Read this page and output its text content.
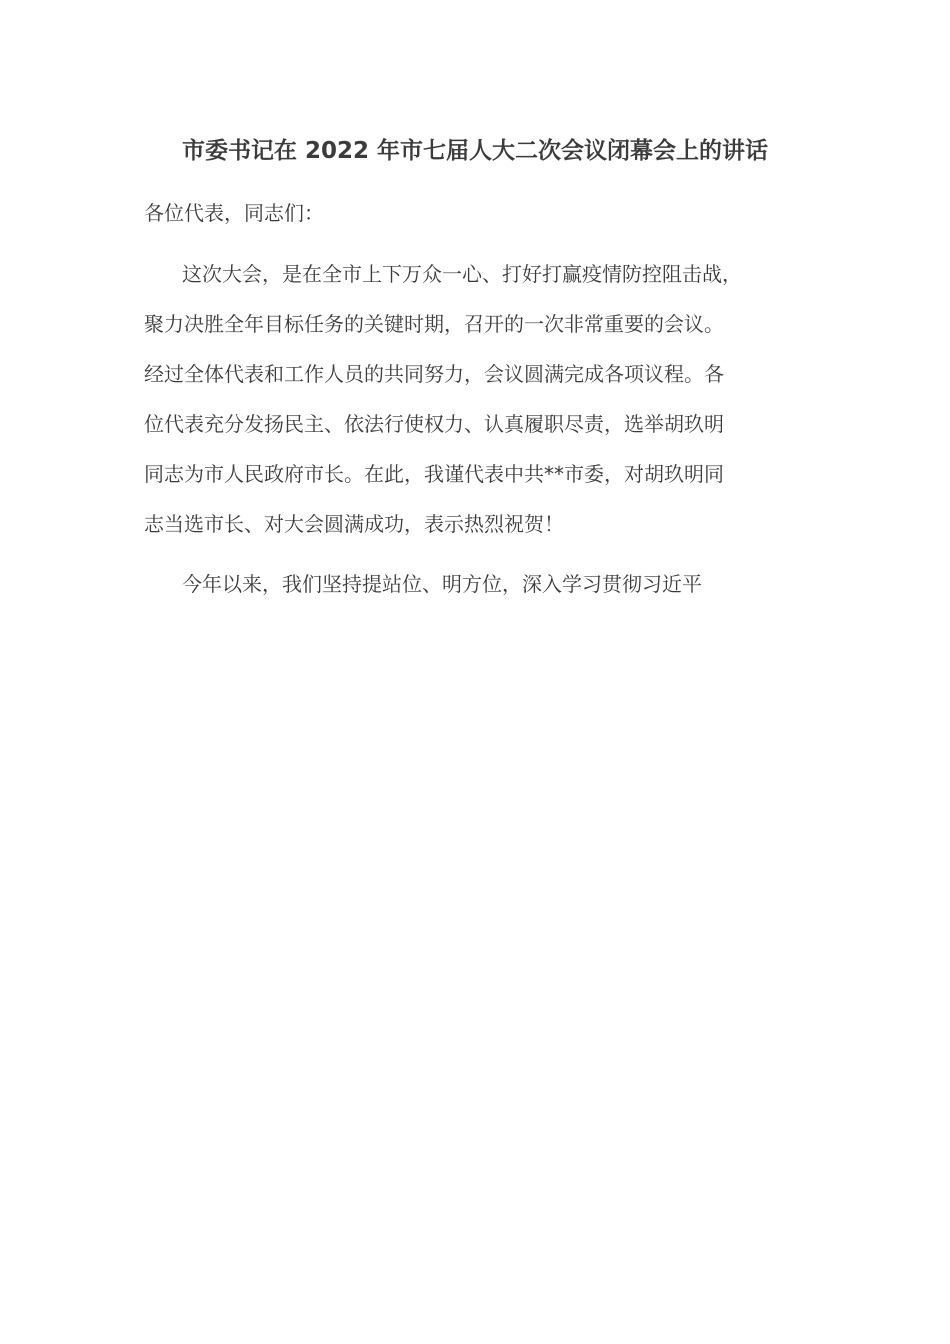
市委书记在 2022 年市七届人大二次会议闭幕会上的讲话
各位代表，同志们：
这次大会，是在全市上下万众一心、打好打赢疫情防控阻击战，
聚力决胜全年目标任务的关键时期，召开的一次非常重要的会议。
经过全体代表和工作人员的共同努力，会议圆满完成各项议程。各
位代表充分发扬民主、依法行使权力、认真履职尽责，选举胡玖明
同志为市人民政府市长。在此，我谨代表中共**市委，对胡玖明同
志当选市长、对大会圆满成功，表示热烈祝贺！
今年以来，我们坚持提站位、明方位，深入学习贯彻习近平
